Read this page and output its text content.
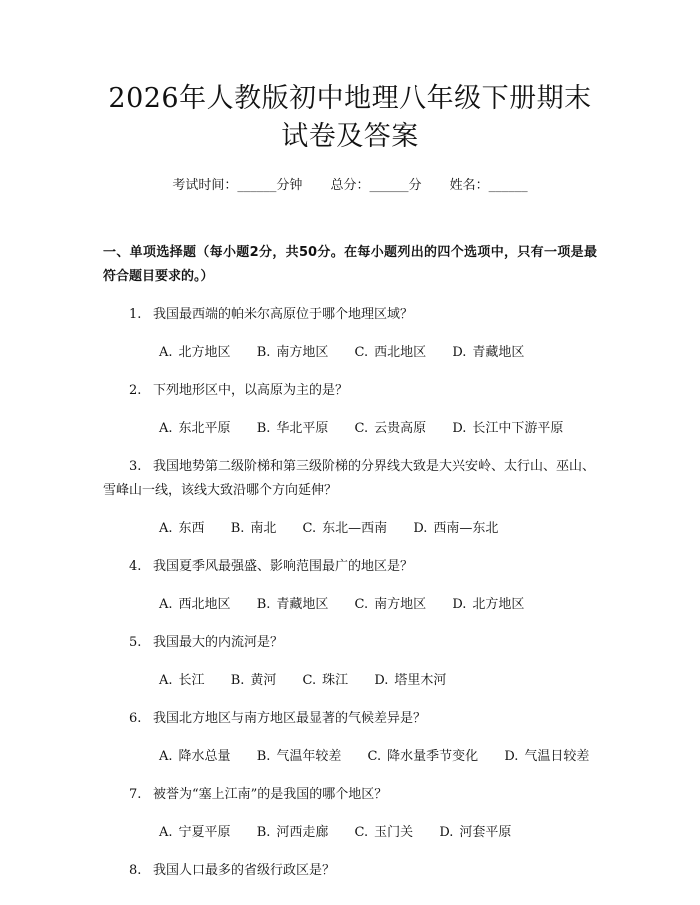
2026年人教版初中地理八年级下册期末试卷及答案
考试时间：______分钟 总分：______分 姓名：______
一、单项选择题（每小题2分，共50分。在每小题列出的四个选项中，只有一项是最符合题目要求的。）
1. 我国最西端的帕米尔高原位于哪个地理区域？
A. 北方地区 B. 南方地区 C. 西北地区 D. 青藏地区
2. 下列地形区中，以高原为主的是？
A. 东北平原 B. 华北平原 C. 云贵高原 D. 长江中下游平原
3. 我国地势第二级阶梯和第三级阶梯的分界线大致是大兴安岭、太行山、巫山、雪峰山一线，该线大致沿哪个方向延伸？
A. 东西 B. 南北 C. 东北—西南 D. 西南—东北
4. 我国夏季风最强盛、影响范围最广的地区是？
A. 西北地区 B. 青藏地区 C. 南方地区 D. 北方地区
5. 我国最大的内流河是？
A. 长江 B. 黄河 C. 珠江 D. 塔里木河
6. 我国北方地区与南方地区最显著的气候差异是？
A. 降水总量 B. 气温年较差 C. 降水量季节变化 D. 气温日较差
7. 被誉为“塞上江南”的是我国的哪个地区？
A. 宁夏平原 B. 河西走廊 C. 玉门关 D. 河套平原
8. 我国人口最多的省级行政区是？
